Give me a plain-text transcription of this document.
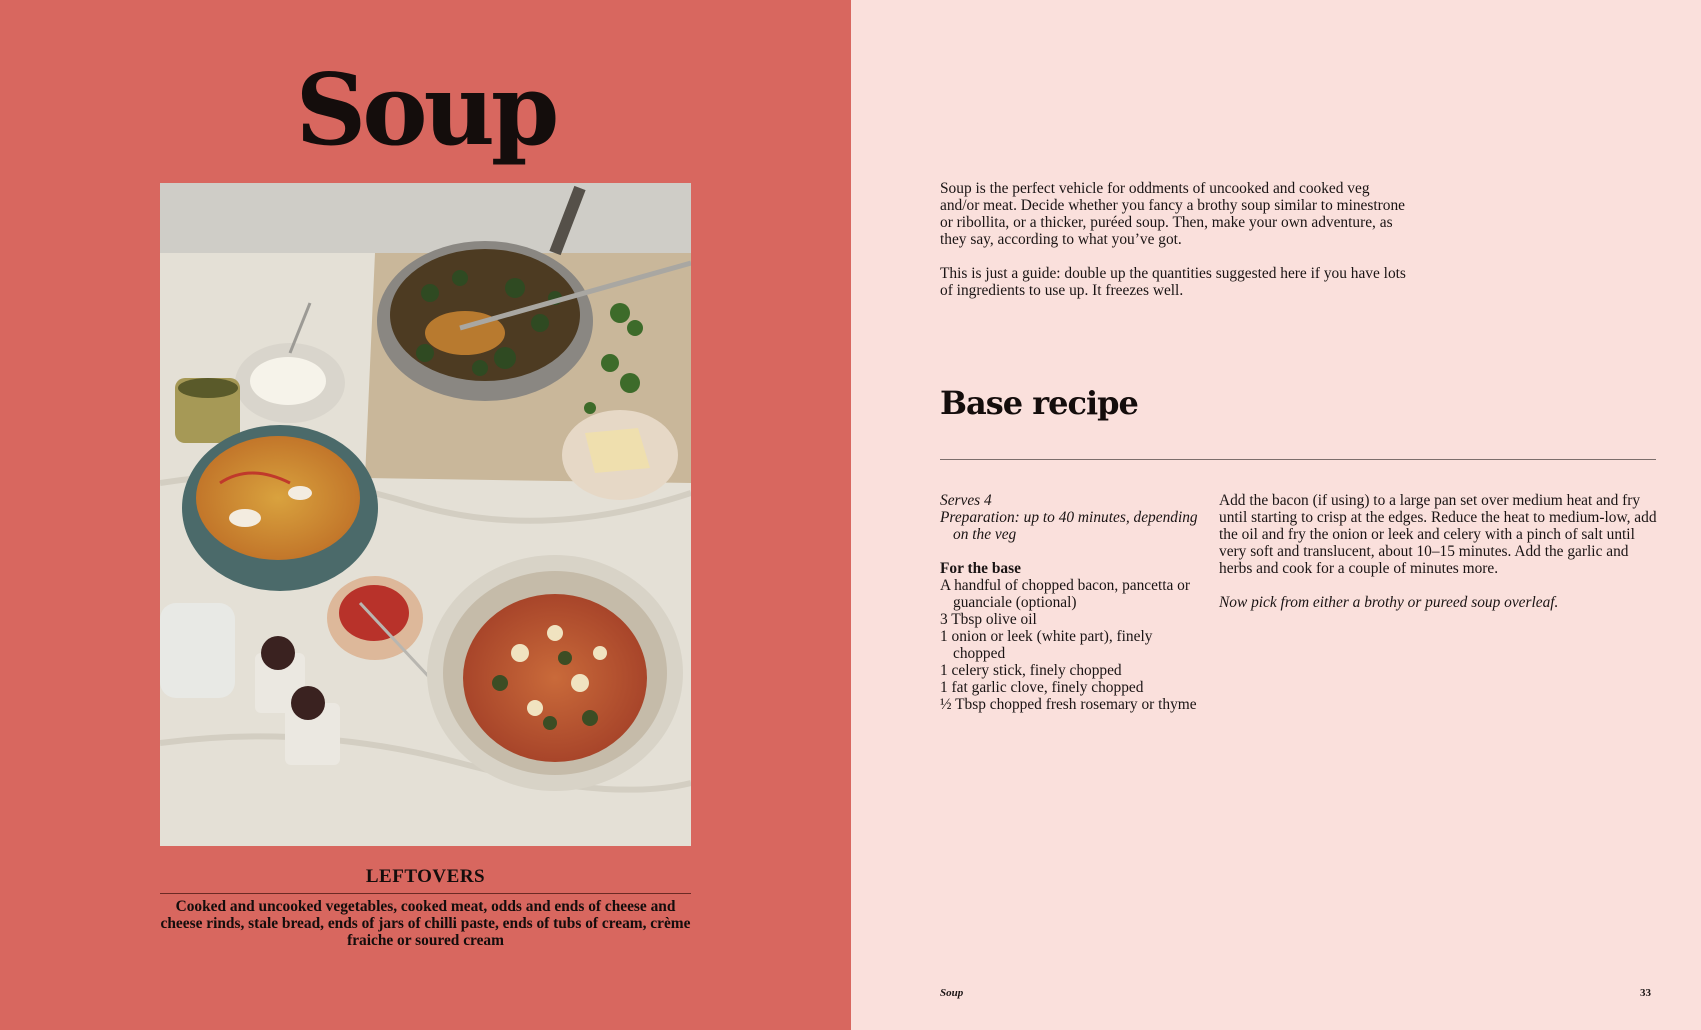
Soup
LEFTOVERS
Cooked and uncooked vegetables, cooked meat, odds and ends of cheese and cheese rinds, stale bread, ends of jars of chilli paste, ends of tubs of cream, crème fraiche or soured cream

Soup is the perfect vehicle for oddments of uncooked and cooked veg and/or meat. Decide whether you fancy a brothy soup similar to minestrone or ribollita, or a thicker, puréed soup. Then, make your own adventure, as they say, according to what you’ve got.

This is just a guide: double up the quantities suggested here if you have lots of ingredients to use up. It freezes well.

Base recipe

Serves 4

Preparation: up to 40 minutes, depending on the veg

For the base

A handful of chopped bacon, pancetta or guanciale (optional)
3 Tbsp olive oil
1 onion or leek (white part), finely chopped
1 celery stick, finely chopped
1 fat garlic clove, finely chopped
½ Tbsp chopped fresh rosemary or thyme

Add the bacon (if using) to a large pan set over medium heat and fry until starting to crisp at the edges. Reduce the heat to medium-low, add the oil and fry the onion or leek and celery with a pinch of salt until very soft and translucent, about 10–15 minutes. Add the garlic and herbs and cook for a couple of minutes more.

Now pick from either a brothy or pureed soup overleaf.

Soup	33
